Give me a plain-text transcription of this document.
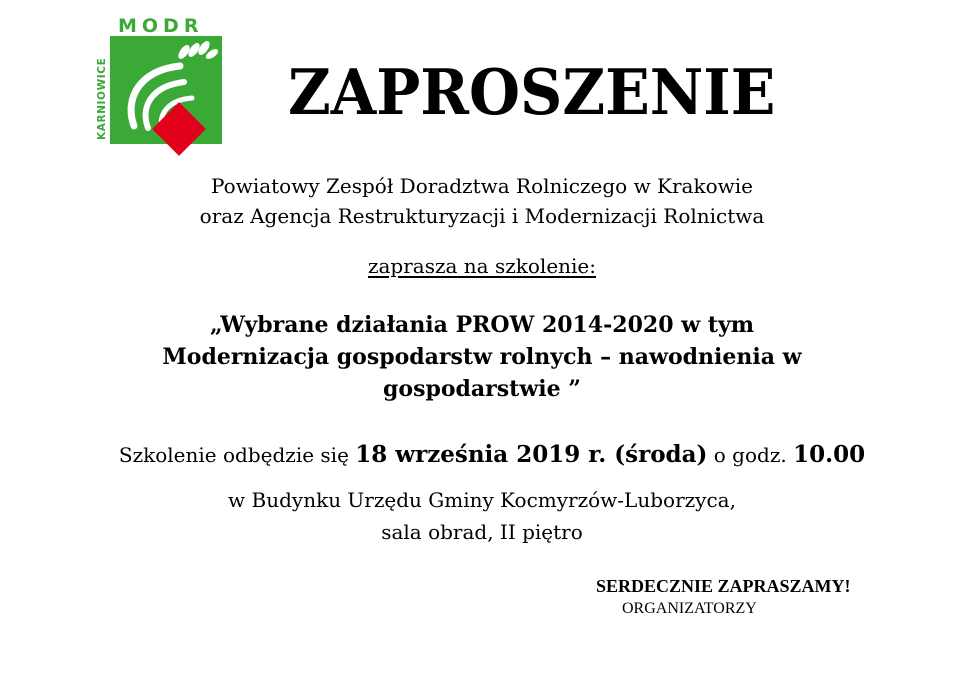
MODR
KARNIOWICE	ZAPROSZENIE

Powiatowy Zespół Doradztwa Rolniczego w Krakowie
oraz Agencja Restrukturyzacji i Modernizacji Rolnictwa

zaprasza na szkolenie:

„Wybrane działania PROW 2014-2020 w tym
Modernizacja gospodarstw rolnych – nawodnienia w
gospodarstwie ”

Szkolenie odbędzie się 18 września 2019 r. (środa) o godz. 10.00

w Budynku Urzędu Gminy Kocmyrzów-Luborzyca,
sala obrad, II piętro

SERDECZNIE ZAPRASZAMY!

ORGANIZATORZY
